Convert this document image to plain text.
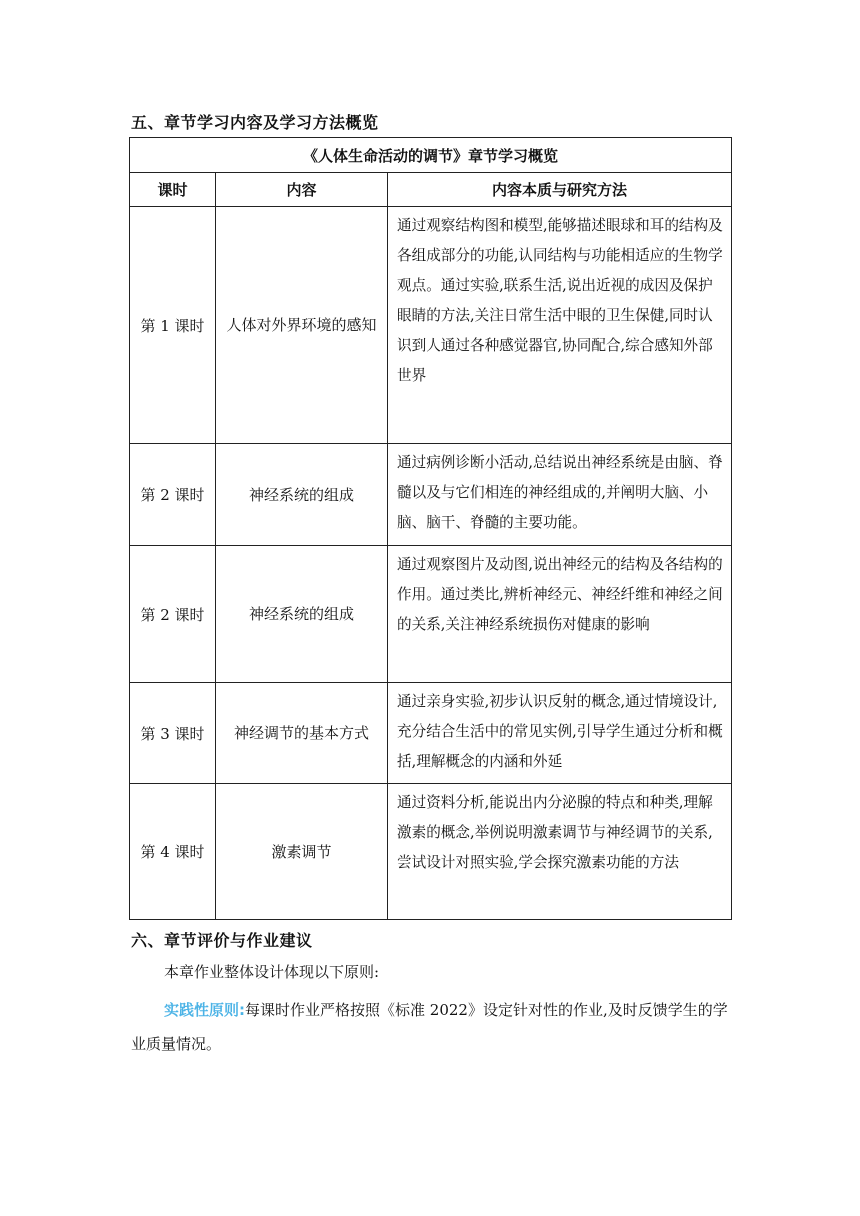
五、章节学习内容及学习方法概览
《人体生命活动的调节》章节学习概览		
课时	内容	内容本质与研究方法
第 1 课时	人体对外界环境的感知	通过观察结构图和模型,能够描述眼球和耳的结构及各组成部分的功能,认同结构与功能相适应的生物学观点。通过实验,联系生活,说出近视的成因及保护眼睛的方法,关注日常生活中眼的卫生保健,同时认识到人通过各种感觉器官,协同配合,综合感知外部世界
第 2 课时	神经系统的组成	通过病例诊断小活动,总结说出神经系统是由脑、脊髓以及与它们相连的神经组成的,并阐明大脑、小脑、脑干、脊髓的主要功能。
第 2 课时	神经系统的组成	通过观察图片及动图,说出神经元的结构及各结构的作用。通过类比,辨析神经元、神经纤维和神经之间的关系,关注神经系统损伤对健康的影响
第 3 课时	神经调节的基本方式	通过亲身实验,初步认识反射的概念,通过情境设计,充分结合生活中的常见实例,引导学生通过分析和概括,理解概念的内涵和外延
第 4 课时	激素调节	通过资料分析,能说出内分泌腺的特点和种类,理解激素的概念,举例说明激素调节与神经调节的关系,尝试设计对照实验,学会探究激素功能的方法
六、章节评价与作业建议
本章作业整体设计体现以下原则:
实践性原则:每课时作业严格按照《标准 2022》设定针对性的作业,及时反馈学生的学业质量情况。
